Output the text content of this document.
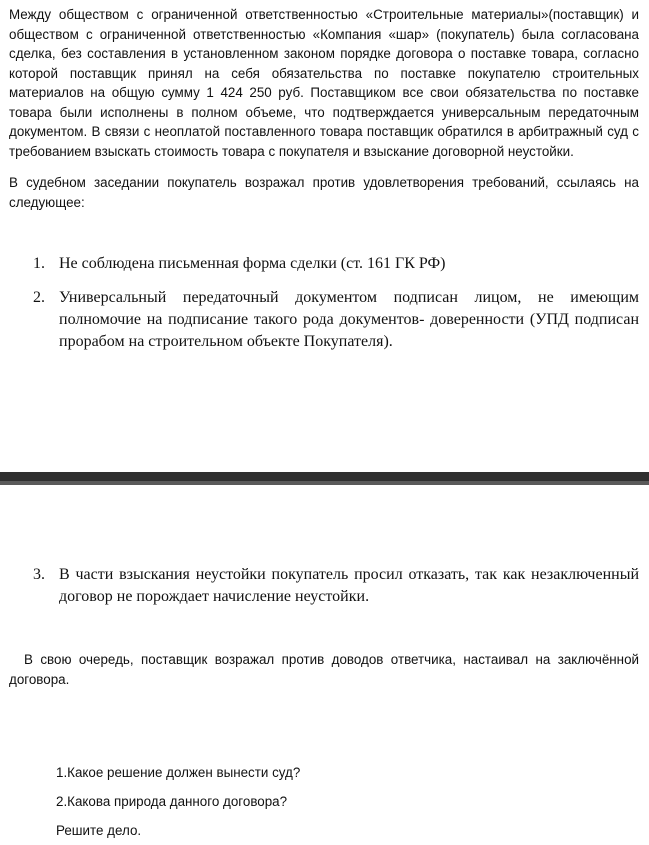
Между обществом с ограниченной ответственностью «Строительные материалы»(поставщик) и обществом с ограниченной ответственностью «Компания «шар» (покупатель) была согласована сделка, без составления в установленном законом порядке договора о поставке товара, согласно которой поставщик принял на себя обязательства по поставке покупателю строительных материалов на общую сумму 1 424 250 руб. Поставщиком все свои обязательства по поставке товара были исполнены в полном объеме, что подтверждается универсальным передаточным документом. В связи с неоплатой поставленного товара поставщик обратился в арбитражный суд с требованием взыскать стоимость товара с покупателя и взыскание договорной неустойки.
В судебном заседании покупатель возражал против удовлетворения требований, ссылаясь на следующее:
1. Не соблюдена письменная форма сделки (ст. 161 ГК РФ)
2. Универсальный передаточный документом подписан лицом, не имеющим полномочие на подписание такого рода документов- доверенности (УПД подписан прорабом на строительном объекте Покупателя).
3. В части взыскания неустойки покупатель просил отказать, так как незаключенный договор не порождает начисление неустойки.
В свою очередь, поставщик возражал против доводов ответчика, настаивал на заключённой договора.
1.Какое решение должен вынести суд?
2.Какова природа данного договора?
Решите дело.
